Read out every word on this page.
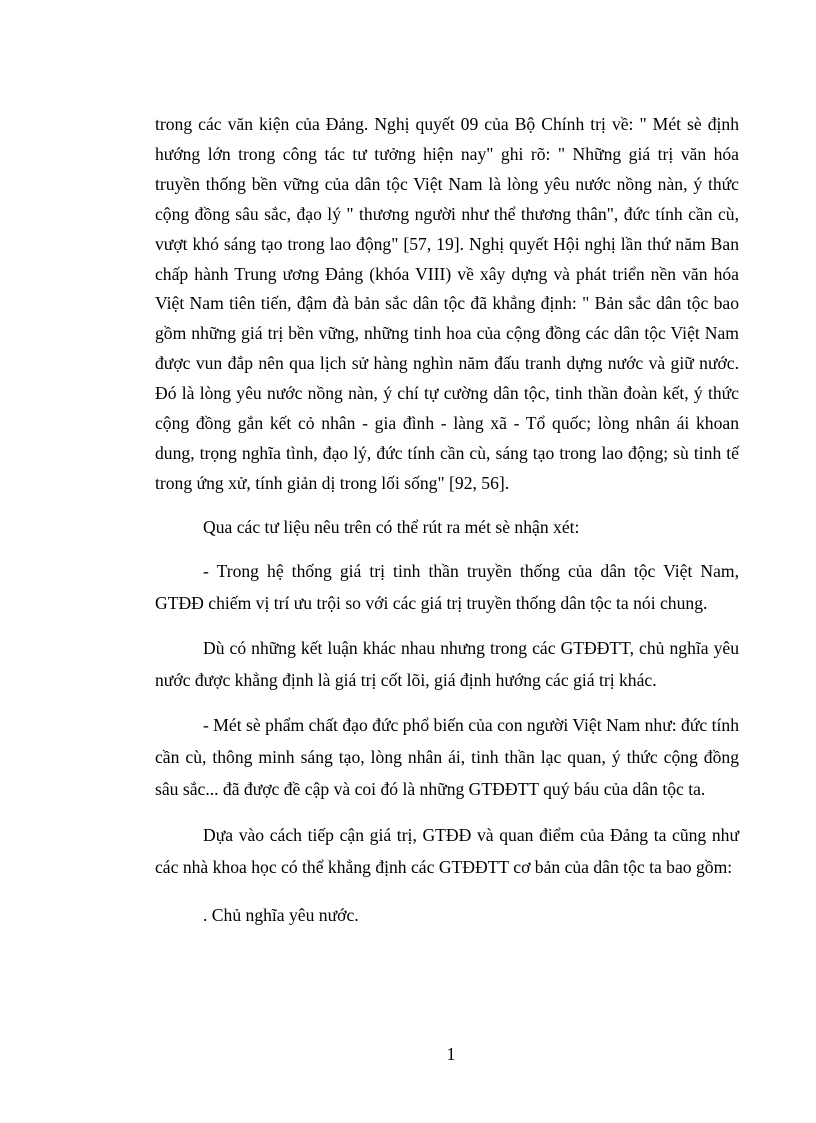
trong các văn kiện của Đảng. Nghị quyết 09 của Bộ Chính trị về: " Mét sè định hướng lớn trong công tác tư tưởng hiện nay" ghi rõ: " Những giá trị văn hóa truyền thống bền vững của dân tộc Việt Nam là lòng yêu nước nồng nàn, ý thức cộng đồng sâu sắc, đạo lý " thương người như thể thương thân", đức tính cần cù, vượt khó sáng tạo trong lao động" [57, 19]. Nghị quyết Hội nghị lần thứ năm Ban chấp hành Trung ương Đảng (khóa VIII) về xây dựng và phát triển nền văn hóa Việt Nam tiên tiến, đậm đà bản sắc dân tộc đã khẳng định: " Bản sắc dân tộc bao gồm những giá trị bền vững, những tinh hoa của cộng đồng các dân tộc Việt Nam được vun đắp nên qua lịch sử hàng nghìn năm đấu tranh dựng nước và giữ nước. Đó là lòng yêu nước nồng nàn, ý chí tự cường dân tộc, tinh thần đoàn kết, ý thức cộng đồng gắn kết cỏ nhân - gia đình - làng xã - Tổ quốc; lòng nhân ái khoan dung, trọng nghĩa tình, đạo lý, đức tính cần cù, sáng tạo trong lao động; sù tinh tế trong ứng xử, tính giản dị trong lối sống" [92, 56].

Qua các tư liệu nêu trên có thể rút ra mét sè nhận xét:

- Trong hệ thống giá trị tinh thần truyền thống của dân tộc Việt Nam, GTĐĐ chiếm vị trí ưu trội so với các giá trị truyền thống dân tộc ta nói chung.

Dù có những kết luận khác nhau nhưng trong các GTĐĐTT, chủ nghĩa yêu nước được khẳng định là giá trị cốt lõi, giá định hướng các giá trị khác.

- Mét sè phẩm chất đạo đức phổ biến của con người Việt Nam như: đức tính cần cù, thông minh sáng tạo, lòng nhân ái, tinh thần lạc quan, ý thức cộng đồng sâu sắc... đã được đề cập và coi đó là những GTĐĐTT quý báu của dân tộc ta.

Dựa vào cách tiếp cận giá trị, GTĐĐ và quan điểm của Đảng ta cũng như các nhà khoa học có thể khẳng định các GTĐĐTT cơ bản của dân tộc ta bao gồm:

. Chủ nghĩa yêu nước.

1
